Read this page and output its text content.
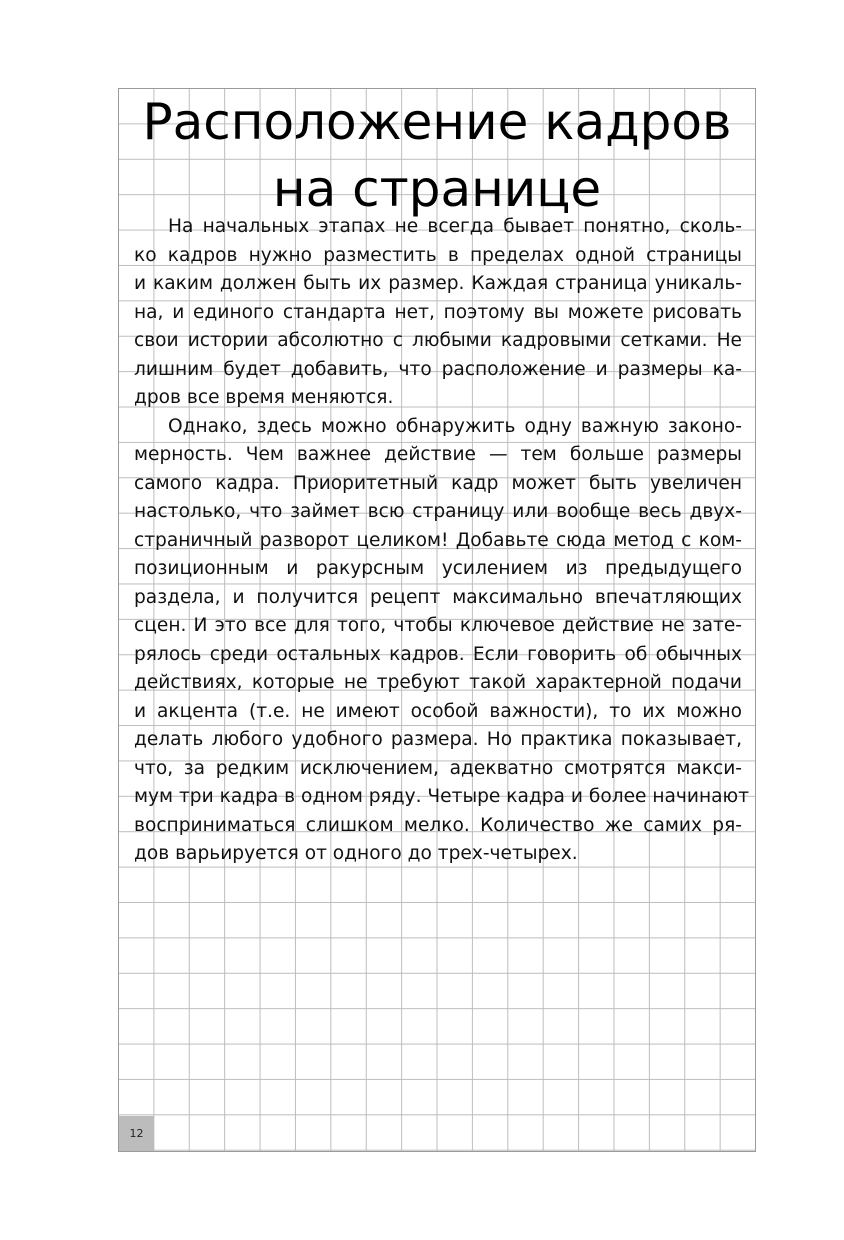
Расположение кадров
на странице

На начальных этапах не всегда бывает понятно, сколь-
ко кадров нужно разместить в пределах одной страницы
и каким должен быть их размер. Каждая страница уникаль-
на, и единого стандарта нет, поэтому вы можете рисовать
свои истории абсолютно с любыми кадровыми сетками. Не
лишним будет добавить, что расположение и размеры ка-
дров все время меняются.

Однако, здесь можно обнаружить одну важную законо-
мерность. Чем важнее действие — тем больше размеры
самого кадра. Приоритетный кадр может быть увеличен
настолько, что займет всю страницу или вообще весь двух-
страничный разворот целиком! Добавьте сюда метод с ком-
позиционным и ракурсным усилением из предыдущего
раздела, и получится рецепт максимально впечатляющих
сцен. И это все для того, чтобы ключевое действие не зате-
рялось среди остальных кадров. Если говорить об обычных
действиях, которые не требуют такой характерной подачи
и акцента (т.е. не имеют особой важности), то их можно
делать любого удобного размера. Но практика показывает,
что, за редким исключением, адекватно смотрятся макси-
мум три кадра в одном ряду. Четыре кадра и более начинают
восприниматься слишком мелко. Количество же самих ря-
дов варьируется от одного до трех-четырех.

12
